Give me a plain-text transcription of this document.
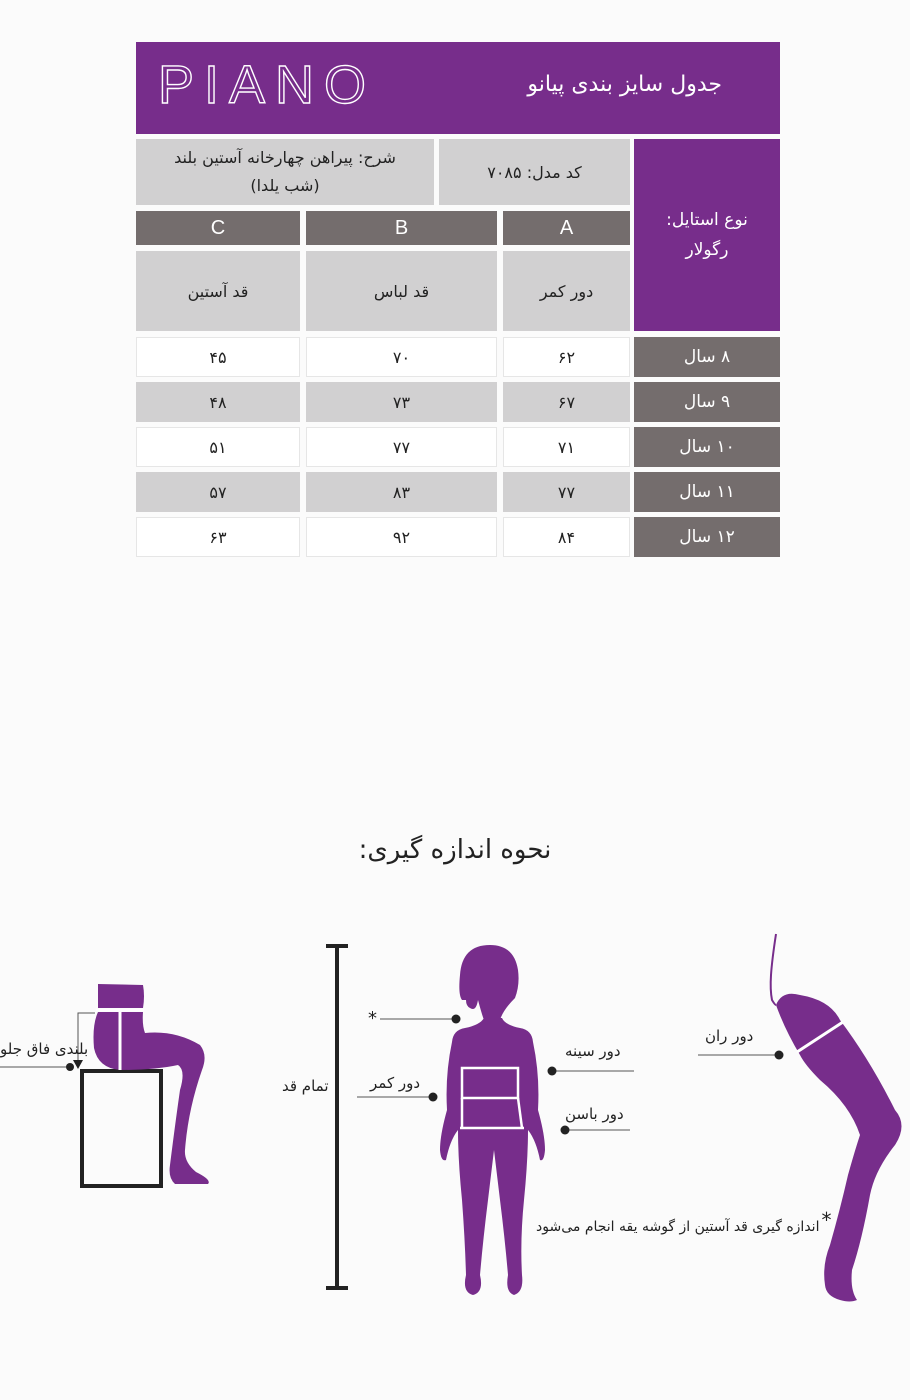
PIANO	جدول سایز بندی پیانو
نوع استایل:
رگولار
کد مدل: ۷۰۸۵
شرح: پیراهن چهارخانه آستین بلند
(شب یلدا)
A
B
C
دور کمر
قد لباس
قد آستین
۸ سال
۶۲
۷۰
۴۵
۹ سال
۶۷
۷۳
۴۸
۱۰ سال
۷۱
۷۷
۵۱
۱۱ سال
۷۷
۸۳
۵۷
۱۲ سال
۸۴
۹۲
۶۳
نحوه اندازه گیری:
بلندی فاق جلو
تمام قد
*
دور کمر
دور سینه
دور باسن
دور ران
*
اندازه گیری قد آستین از گوشه یقه انجام می‌شود
